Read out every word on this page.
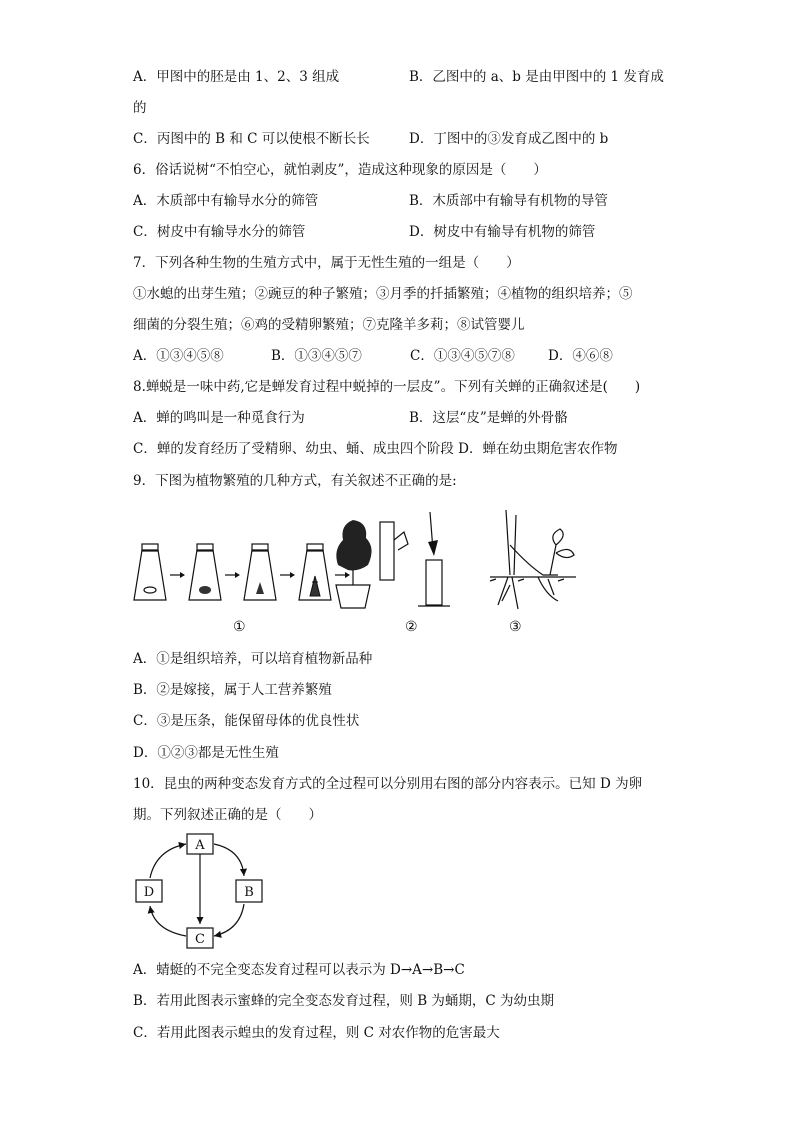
A．甲图中的胚是由 1、2、3 组成	B．乙图中的 a、b 是由甲图中的 1 发育成
的
C．丙图中的 B 和 C 可以使根不断长长	D．丁图中的③发育成乙图中的 b
6．俗话说树“不怕空心，就怕剥皮”，造成这种现象的原因是（　　）
A．木质部中有输导水分的筛管	B．木质部中有输导有机物的导管
C．树皮中有输导水分的筛管	D．树皮中有输导有机物的筛管
7．下列各种生物的生殖方式中，属于无性生殖的一组是（　　）
①水螅的出芽生殖；②豌豆的种子繁殖；③月季的扦插繁殖；④植物的组织培养；⑤
细菌的分裂生殖；⑥鸡的受精卵繁殖；⑦克隆羊多莉；⑧试管婴儿
A．①③④⑤⑧	B．①③④⑤⑦	C．①③④⑤⑦⑧ D．④⑥⑧
8.蝉蜕是一味中药,它是蝉发育过程中蜕掉的一层皮”。下列有关蝉的正确叙述是(　　)
A．蝉的鸣叫是一种觅食行为	B．这层“皮”是蝉的外骨骼
C．蝉的发育经历了受精卵、幼虫、蛹、成虫四个阶段 D．蝉在幼虫期危害农作物
9．下图为植物繁殖的几种方式，有关叙述不正确的是:
①	②	③
A．①是组织培养，可以培育植物新品种
B．②是嫁接，属于人工营养繁殖
C．③是压条，能保留母体的优良性状
D．①②③都是无性生殖
10．昆虫的两种变态发育方式的全过程可以分别用右图的部分内容表示。已知 D 为卵
期。下列叙述正确的是（　　）
A
B
C
D
A．蜻蜓的不完全变态发育过程可以表示为 D→A→B→C
B．若用此图表示蜜蜂的完全变态发育过程，则 B 为蛹期，C 为幼虫期
C．若用此图表示蝗虫的发育过程，则 C 对农作物的危害最大
